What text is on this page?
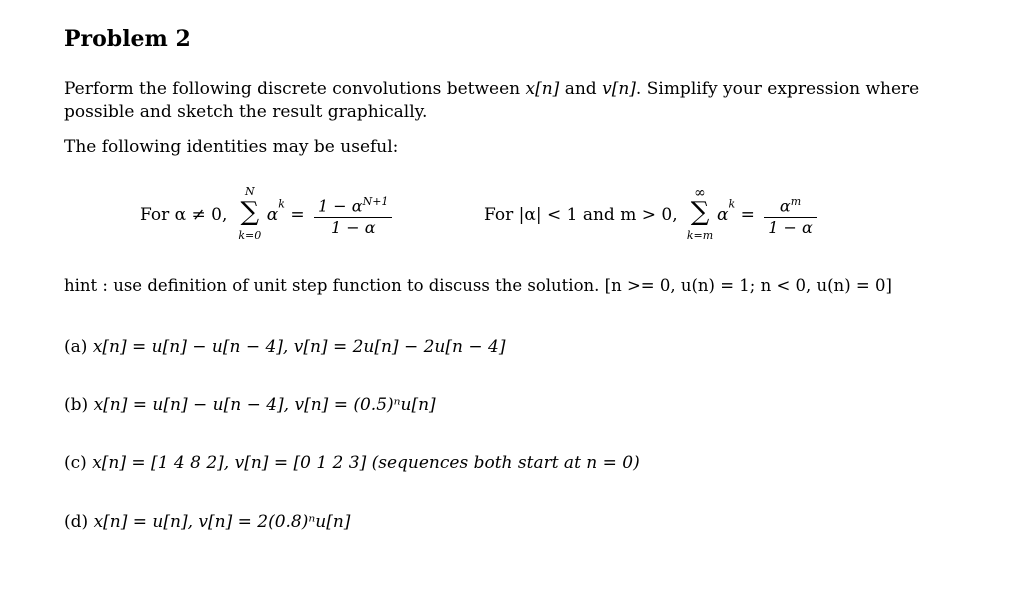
Problem 2
Perform the following discrete convolutions between x[n] and v[n]. Simplify your expression where
possible and sketch the result graphically.
The following identities may be useful:
For α ≠ 0,
N
∑
k=0
$\alpha^k = \frac{1 - \alpha^{N+1}}{1 - \alpha}$	For |α| < 1 and m > 0,
∞
∑
k=m
$\alpha^k = \frac{\alpha^m}{1 - \alpha}$
hint : use definition of unit step function to discuss the solution. [n >= 0, u(n) = 1; n < 0, u(n) = 0]
(a) x[n] = u[n] − u[n − 4], v[n] = 2u[n] − 2u[n − 4]
(b) x[n] = u[n] − u[n − 4], v[n] = (0.5)ⁿu[n]
(c) x[n] = [1 4 8 2], v[n] = [0 1 2 3] (sequences both start at n = 0)
(d) x[n] = u[n], v[n] = 2(0.8)ⁿu[n]
